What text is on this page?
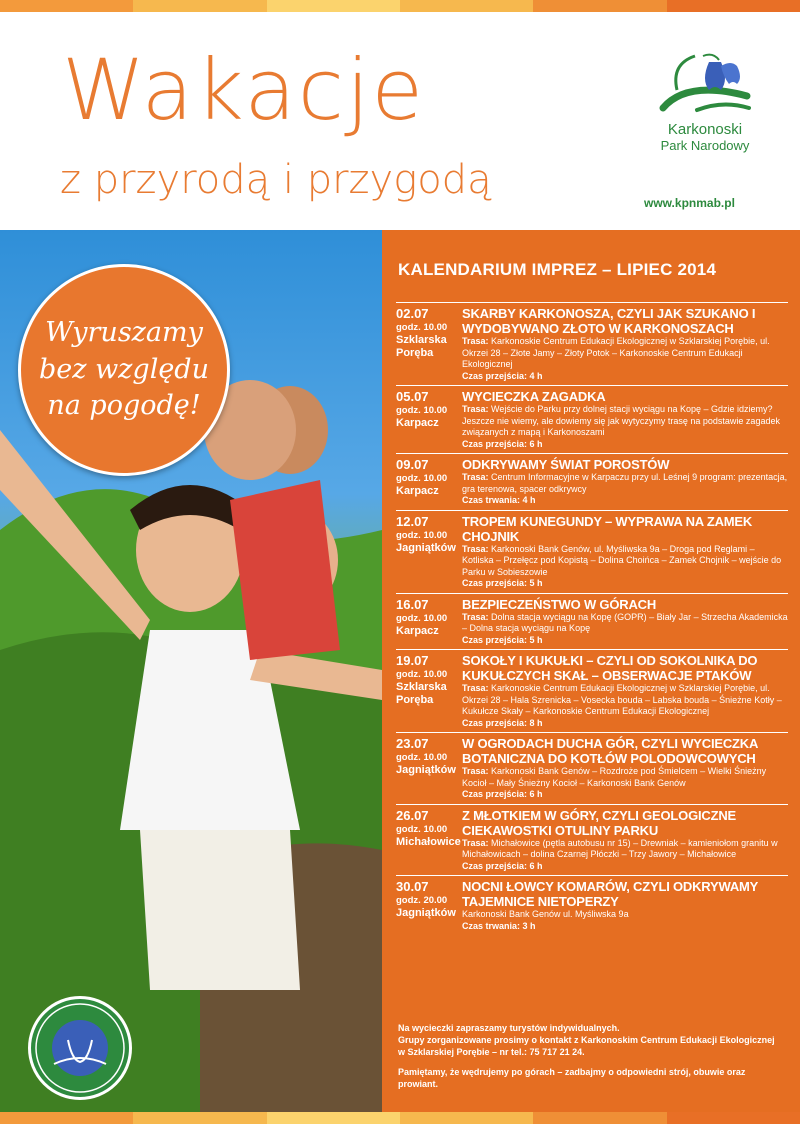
Wakacje
z przyrodą i przygodą
Karkonoski
Park Narodowy
www.kpnmab.pl
Wyruszamy
bez względu
na pogodę!
KALENDARIUM IMPREZ – LIPIEC 2014
02.07
godz. 10.00
Szklarska Poręba
SKARBY KARKONOSZA, CZYLI JAK SZUKANO I WYDOBYWANO ZŁOTO W KARKONOSZACH
Trasa: Karkonoskie Centrum Edukacji Ekologicznej w Szklarskiej Porębie, ul. Okrzei 28 – Złote Jamy – Złoty Potok – Karkonoskie Centrum Edukacji Ekologicznej
Czas przejścia: 4 h
05.07
godz. 10.00
Karpacz
WYCIECZKA ZAGADKA
Trasa: Wejście do Parku przy dolnej stacji wyciągu na Kopę – Gdzie idziemy? Jeszcze nie wiemy, ale dowiemy się jak wytyczymy trasę na podstawie zagadek związanych z mapą i Karkonoszami
Czas przejścia: 6 h
09.07
godz. 10.00
Karpacz
ODKRYWAMY ŚWIAT POROSTÓW
Trasa: Centrum Informacyjne w Karpaczu przy ul. Leśnej 9 program: prezentacja, gra terenowa, spacer odkrywcy
Czas trwania: 4 h
12.07
godz. 10.00
Jagniątków
TROPEM KUNEGUNDY – WYPRAWA NA ZAMEK CHOJNIK
Trasa: Karkonoski Bank Genów, ul. Myśliwska 9a – Droga pod Reglami – Kotliska – Przełęcz pod Kopistą – Dolina Choińca – Zamek Chojnik – wejście do Parku w Sobieszowie
Czas przejścia: 5 h
16.07
godz. 10.00
Karpacz
BEZPIECZEŃSTWO W GÓRACH
Trasa: Dolna stacja wyciągu na Kopę (GOPR) – Biały Jar – Strzecha Akademicka – Dolna stacja wyciągu na Kopę
Czas przejścia: 5 h
19.07
godz. 10.00
Szklarska Poręba
SOKOŁY I KUKUŁKI – CZYLI OD SOKOLNIKA DO KUKUŁCZYCH SKAŁ – OBSERWACJE PTAKÓW
Trasa: Karkonoskie Centrum Edukacji Ekologicznej w Szklarskiej Porębie, ul. Okrzei 28 – Hala Szrenicka – Vosecka bouda – Labska bouda – Śnieżne Kotły – Kukułcze Skały – Karkonoskie Centrum Edukacji Ekologicznej
Czas przejścia: 8 h
23.07
godz. 10.00
Jagniątków
W OGRODACH DUCHA GÓR, CZYLI WYCIECZKA BOTANICZNA DO KOTŁÓW POLODOWCOWYCH
Trasa: Karkonoski Bank Genów – Rozdroże pod Śmielcem – Wielki Śnieżny Kocioł – Mały Śnieżny Kocioł – Karkonoski Bank Genów
Czas przejścia: 6 h
26.07
godz. 10.00
Michałowice
Z MŁOTKIEM W GÓRY, CZYLI GEOLOGICZNE CIEKAWOSTKI OTULINY PARKU
Trasa: Michałowice (pętla autobusu nr 15) – Drewniak – kamieniołom granitu w Michałowicach – dolina Czarnej Płóczki – Trzy Jawory – Michałowice
Czas przejścia: 6 h
30.07
godz. 20.00
Jagniątków
NOCNI ŁOWCY KOMARÓW, CZYLI ODKRYWAMY TAJEMNICE NIETOPERZY
Karkonoski Bank Genów ul. Myśliwska 9a
Czas trwania: 3 h

Na wycieczki zapraszamy turystów indywidualnych.
Grupy zorganizowane prosimy o kontakt z Karkonoskim Centrum Edukacji Ekologicznej w Szklarskiej Porębie – nr tel.: 75 717 21 24.

Pamiętamy, że wędrujemy po górach – zadbajmy o odpowiedni strój, obuwie oraz prowiant.
